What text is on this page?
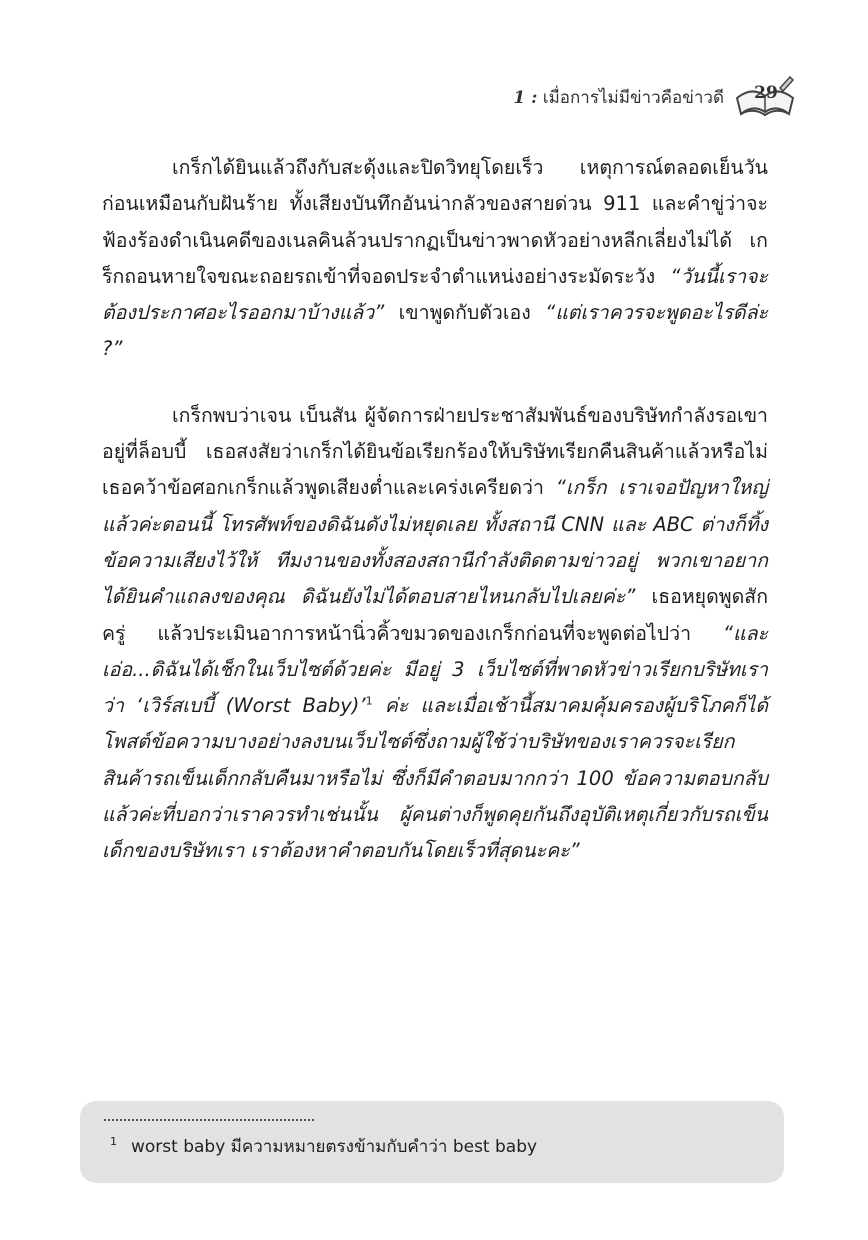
1 : เมื่อการไม่มีข่าวคือข่าวดี 29

เกร็กได้ยินแล้วถึงกับสะดุ้งและปิดวิทยุโดยเร็ว เหตุการณ์ตลอดเย็นวันก่อนเหมือนกับฝันร้าย ทั้งเสียงบันทึกอันน่ากลัวของสายด่วน 911 และคำขู่ว่าจะฟ้องร้องดำเนินคดีของเนลคินล้วนปรากฏเป็นข่าวพาดหัวอย่างหลีกเลี่ยงไม่ได้ เกร็กถอนหายใจขณะถอยรถเข้าที่จอดประจำตำแหน่งอย่างระมัดระวัง “วันนี้เราจะต้องประกาศอะไรออกมาบ้างแล้ว” เขาพูดกับตัวเอง “แต่เราควรจะพูดอะไรดีล่ะ ?”

เกร็กพบว่าเจน เบ็นสัน ผู้จัดการฝ่ายประชาสัมพันธ์ของบริษัทกำลังรอเขาอยู่ที่ล็อบบี้ เธอสงสัยว่าเกร็กได้ยินข้อเรียกร้องให้บริษัทเรียกคืนสินค้าแล้วหรือไม่ เธอคว้าข้อศอกเกร็กแล้วพูดเสียงต่ำและเคร่งเครียดว่า “เกร็ก เราเจอปัญหาใหญ่แล้วค่ะตอนนี้ โทรศัพท์ของดิฉันดังไม่หยุดเลย ทั้งสถานี CNN และ ABC ต่างก็ทิ้งข้อความเสียงไว้ให้ ทีมงานของทั้งสองสถานีกำลังติดตามข่าวอยู่ พวกเขาอยากได้ยินคำแถลงของคุณ ดิฉันยังไม่ได้ตอบสายไหนกลับไปเลยค่ะ” เธอหยุดพูดสักครู่ แล้วประเมินอาการหน้านิ่วคิ้วขมวดของเกร็กก่อนที่จะพูดต่อไปว่า “และเอ่อ...ดิฉันได้เช็กในเว็บไซต์ด้วยค่ะ มีอยู่ 3 เว็บไซต์ที่พาดหัวข่าวเรียกบริษัทเราว่า ‘เวิร์สเบบี้ (Worst Baby)’$^1$ ค่ะ และเมื่อเช้านี้สมาคมคุ้มครองผู้บริโภคก็ได้โพสต์ข้อความบางอย่างลงบนเว็บไซต์ซึ่งถามผู้ใช้ว่าบริษัทของเราควรจะเรียกสินค้ารถเข็นเด็กกลับคืนมาหรือไม่ ซึ่งก็มีคำตอบมากกว่า 100 ข้อความตอบกลับแล้วค่ะที่บอกว่าเราควรทำเช่นนั้น ผู้คนต่างก็พูดคุยกันถึงอุบัติเหตุเกี่ยวกับรถเข็นเด็กของบริษัทเรา เราต้องหาคำตอบกันโดยเร็วที่สุดนะคะ”

$^1$ worst baby มีความหมายตรงข้ามกับคำว่า best baby
